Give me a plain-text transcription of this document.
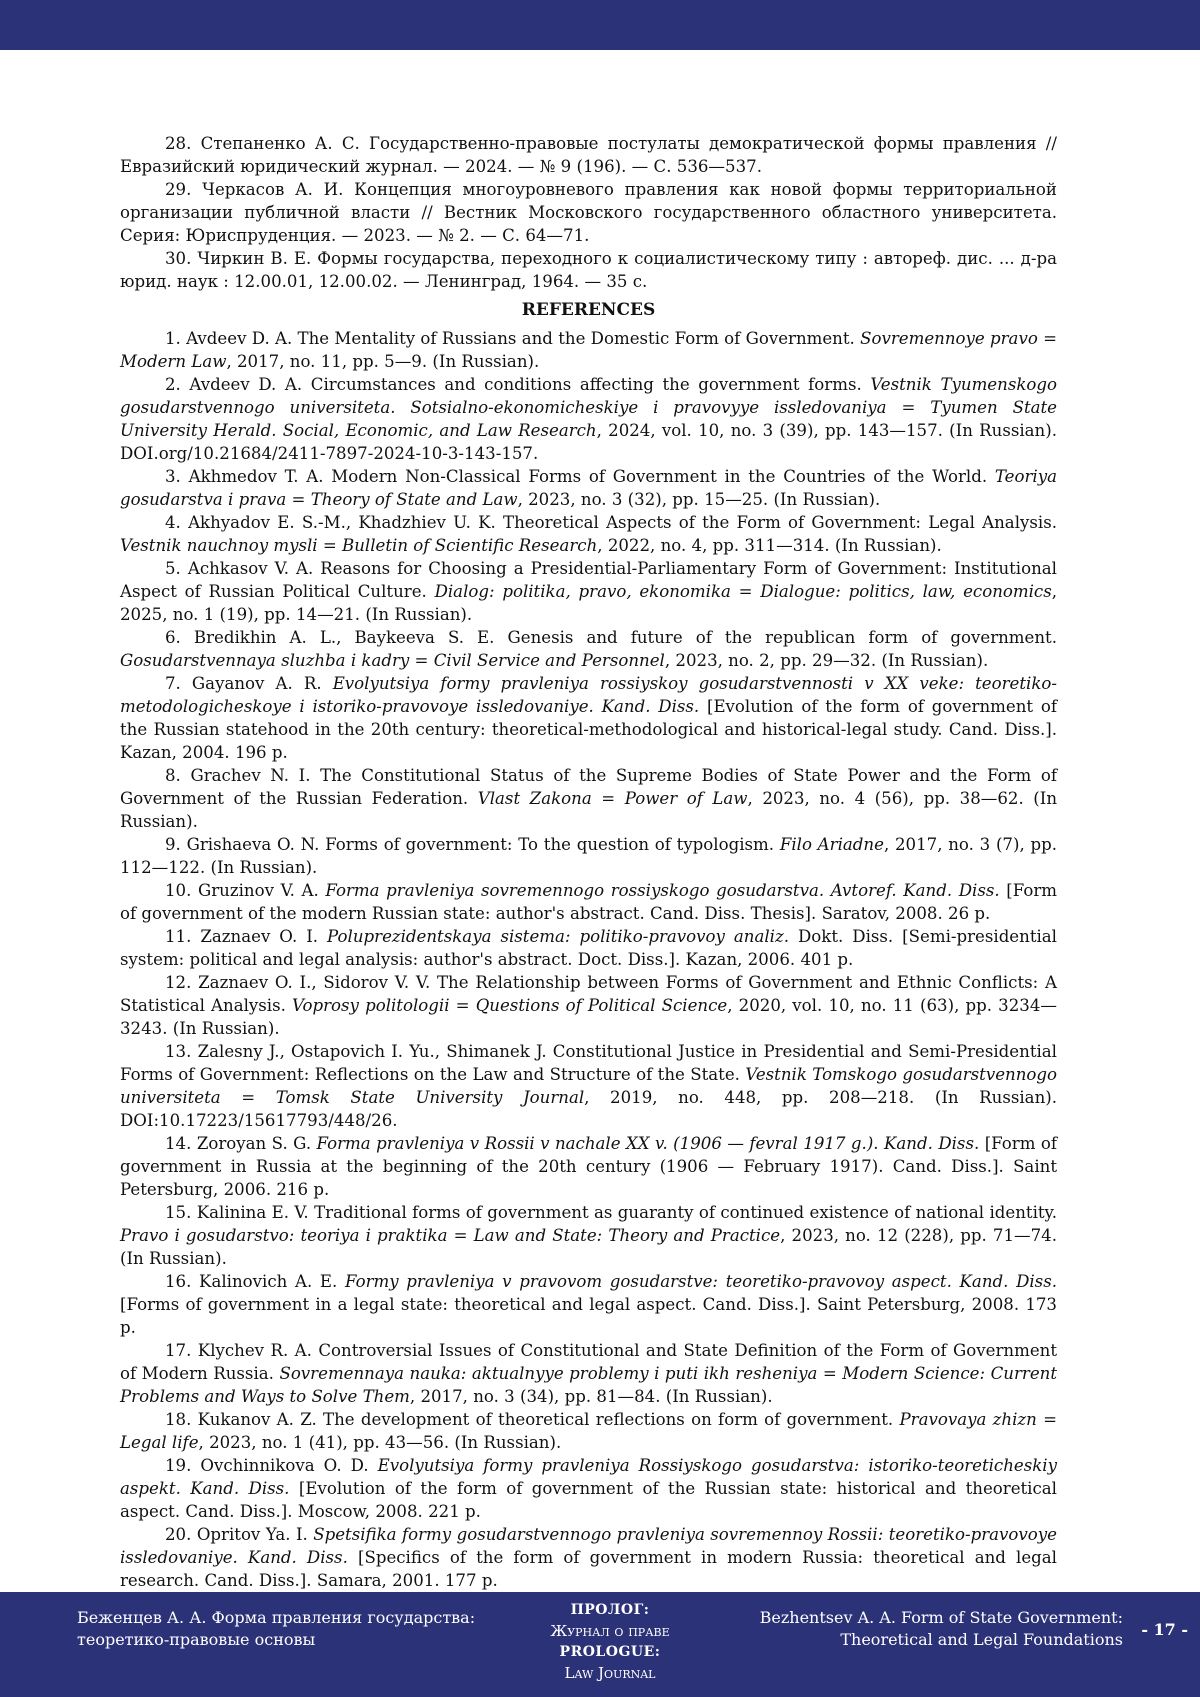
28. Степаненко А. С. Государственно-правовые постулаты демократической формы правления // Евразийский юридический журнал. — 2024. — № 9 (196). — С. 536—537.

29. Черкасов А. И. Концепция многоуровневого правления как новой формы территориальной организации публичной власти // Вестник Московского государственного областного университета. Серия: Юриспруденция. — 2023. — № 2. — С. 64—71.

30. Чиркин В. Е. Формы государства, переходного к социалистическому типу : автореф. дис. ... д-ра юрид. наук : 12.00.01, 12.00.02. — Ленинград, 1964. — 35 с.

REFERENCES

1. Avdeev D. A. The Mentality of Russians and the Domestic Form of Government. Sovremennoye pravo = Modern Law, 2017, no. 11, pp. 5—9. (In Russian).

2. Avdeev D. A. Circumstances and conditions affecting the government forms. Vestnik Tyumenskogo gosudarstvennogo universiteta. Sotsialno-ekonomicheskiye i pravovyye issledovaniya = Tyumen State University Herald. Social, Economic, and Law Research, 2024, vol. 10, no. 3 (39), pp. 143—157. (In Russian). DOI.org/10.21684/2411-7897-2024-10-3-143-157.

3. Akhmedov T. A. Modern Non-Classical Forms of Government in the Countries of the World. Teoriya gosudarstva i prava = Theory of State and Law, 2023, no. 3 (32), pp. 15—25. (In Russian).

4. Akhyadov E. S.-M., Khadzhiev U. K. Theoretical Aspects of the Form of Government: Legal Analysis. Vestnik nauchnoy mysli = Bulletin of Scientific Research, 2022, no. 4, pp. 311—314. (In Russian).

5. Achkasov V. A. Reasons for Choosing a Presidential-Parliamentary Form of Government: Institutional Aspect of Russian Political Culture. Dialog: politika, pravo, ekonomika = Dialogue: politics, law, economics, 2025, no. 1 (19), pp. 14—21. (In Russian).

6. Bredikhin A. L., Baykeeva S. E. Genesis and future of the republican form of government. Gosudarstvennaya sluzhba i kadry = Civil Service and Personnel, 2023, no. 2, pp. 29—32. (In Russian).

7. Gayanov A. R. Evolyutsiya formy pravleniya rossiyskoy gosudarstvennosti v XX veke: teoretiko-metodologicheskoye i istoriko-pravovoye issledovaniye. Kand. Diss. [Evolution of the form of government of the Russian statehood in the 20th century: theoretical-methodological and historical-legal study. Cand. Diss.]. Kazan, 2004. 196 p.

8. Grachev N. I. The Constitutional Status of the Supreme Bodies of State Power and the Form of Government of the Russian Federation. Vlast Zakona = Power of Law, 2023, no. 4 (56), pp. 38—62. (In Russian).

9. Grishaeva O. N. Forms of government: To the question of typologism. Filo Ariadne, 2017, no. 3 (7), pp. 112—122. (In Russian).

10. Gruzinov V. A. Forma pravleniya sovremennogo rossiyskogo gosudarstva. Avtoref. Kand. Diss. [Form of government of the modern Russian state: author's abstract. Cand. Diss. Thesis]. Saratov, 2008. 26 p.

11. Zaznaev O. I. Poluprezidentskaya sistema: politiko-pravovoy analiz. Dokt. Diss. [Semi-presidential system: political and legal analysis: author's abstract. Doct. Diss.]. Kazan, 2006. 401 p.

12. Zaznaev O. I., Sidorov V. V. The Relationship between Forms of Government and Ethnic Conflicts: A Statistical Analysis. Voprosy politologii = Questions of Political Science, 2020, vol. 10, no. 11 (63), pp. 3234—3243. (In Russian).

13. Zalesny J., Ostapovich I. Yu., Shimanek J. Constitutional Justice in Presidential and Semi-Presidential Forms of Government: Reflections on the Law and Structure of the State. Vestnik Tomskogo gosudarstvennogo universiteta = Tomsk State University Journal, 2019, no. 448, pp. 208—218. (In Russian). DOI:10.17223/15617793/448/26.

14. Zoroyan S. G. Forma pravleniya v Rossii v nachale XX v. (1906 — fevral 1917 g.). Kand. Diss. [Form of government in Russia at the beginning of the 20th century (1906 — February 1917). Cand. Diss.]. Saint Petersburg, 2006. 216 p.

15. Kalinina E. V. Traditional forms of government as guaranty of continued existence of national identity. Pravo i gosudarstvo: teoriya i praktika = Law and State: Theory and Practice, 2023, no. 12 (228), pp. 71—74. (In Russian).

16. Kalinovich A. E. Formy pravleniya v pravovom gosudarstve: teoretiko-pravovoy aspect. Kand. Diss. [Forms of government in a legal state: theoretical and legal aspect. Cand. Diss.]. Saint Petersburg, 2008. 173 p.

17. Klychev R. A. Controversial Issues of Constitutional and State Definition of the Form of Government of Modern Russia. Sovremennaya nauka: aktualnyye problemy i puti ikh resheniya = Modern Science: Current Problems and Ways to Solve Them, 2017, no. 3 (34), pp. 81—84. (In Russian).

18. Kukanov A. Z. The development of theoretical reflections on form of government. Pravovaya zhizn = Legal life, 2023, no. 1 (41), pp. 43—56. (In Russian).

19. Ovchinnikova O. D. Evolyutsiya formy pravleniya Rossiyskogo gosudarstva: istoriko-teoreticheskiy aspekt. Kand. Diss. [Evolution of the form of government of the Russian state: historical and theoretical aspect. Cand. Diss.]. Moscow, 2008. 221 p.

20. Opritov Ya. I. Spetsifika formy gosudarstvennogo pravleniya sovremennoy Rossii: teoretiko-pravovoye issledovaniye. Kand. Diss. [Specifics of the form of government in modern Russia: theoretical and legal research. Cand. Diss.]. Samara, 2001. 177 p.

Беженцев А. А. Форма правления государства:
теоретико-правовые основы
ПРОЛОГ:
Журнал о праве
PROLOGUE:
Law Journal
Bezhentsev A. A. Form of State Government:
Theoretical and Legal Foundations
- 17 -
